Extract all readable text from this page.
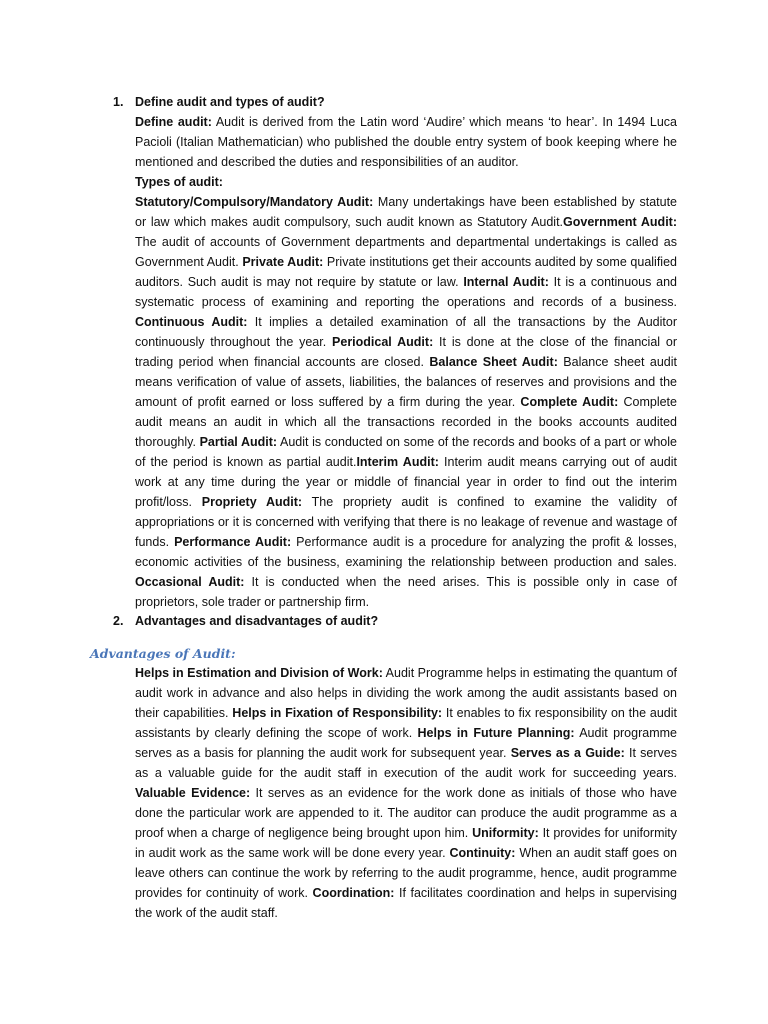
1. Define audit and types of audit?
Define audit: Audit is derived from the Latin word ‘Audire’ which means ‘to hear’. In 1494 Luca Pacioli (Italian Mathematician) who published the double entry system of book keeping where he mentioned and described the duties and responsibilities of an auditor.
Types of audit:
Statutory/Compulsory/Mandatory Audit: Many undertakings have been established by statute or law which makes audit compulsory, such audit known as Statutory Audit.Government Audit: The audit of accounts of Government departments and departmental undertakings is called as Government Audit. Private Audit: Private institutions get their accounts audited by some qualified auditors. Such audit is may not require by statute or law. Internal Audit: It is a continuous and systematic process of examining and reporting the operations and records of a business. Continuous Audit: It implies a detailed examination of all the transactions by the Auditor continuously throughout the year. Periodical Audit: It is done at the close of the financial or trading period when financial accounts are closed. Balance Sheet Audit: Balance sheet audit means verification of value of assets, liabilities, the balances of reserves and provisions and the amount of profit earned or loss suffered by a firm during the year. Complete Audit: Complete audit means an audit in which all the transactions recorded in the books accounts audited thoroughly. Partial Audit: Audit is conducted on some of the records and books of a part or whole of the period is known as partial audit.Interim Audit: Interim audit means carrying out of audit work at any time during the year or middle of financial year in order to find out the interim profit/loss. Propriety Audit: The propriety audit is confined to examine the validity of appropriations or it is concerned with verifying that there is no leakage of revenue and wastage of funds. Performance Audit: Performance audit is a procedure for analyzing the profit & losses, economic activities of the business, examining the relationship between production and sales. Occasional Audit: It is conducted when the need arises. This is possible only in case of proprietors, sole trader or partnership firm.
2. Advantages and disadvantages of audit?
Advantages of Audit:
Helps in Estimation and Division of Work: Audit Programme helps in estimating the quantum of audit work in advance and also helps in dividing the work among the audit assistants based on their capabilities. Helps in Fixation of Responsibility: It enables to fix responsibility on the audit assistants by clearly defining the scope of work. Helps in Future Planning: Audit programme serves as a basis for planning the audit work for subsequent year. Serves as a Guide: It serves as a valuable guide for the audit staff in execution of the audit work for succeeding years. Valuable Evidence: It serves as an evidence for the work done as initials of those who have done the particular work are appended to it. The auditor can produce the audit programme as a proof when a charge of negligence being brought upon him. Uniformity: It provides for uniformity in audit work as the same work will be done every year. Continuity: When an audit staff goes on leave others can continue the work by referring to the audit programme, hence, audit programme provides for continuity of work. Coordination: If facilitates coordination and helps in supervising the work of the audit staff.
